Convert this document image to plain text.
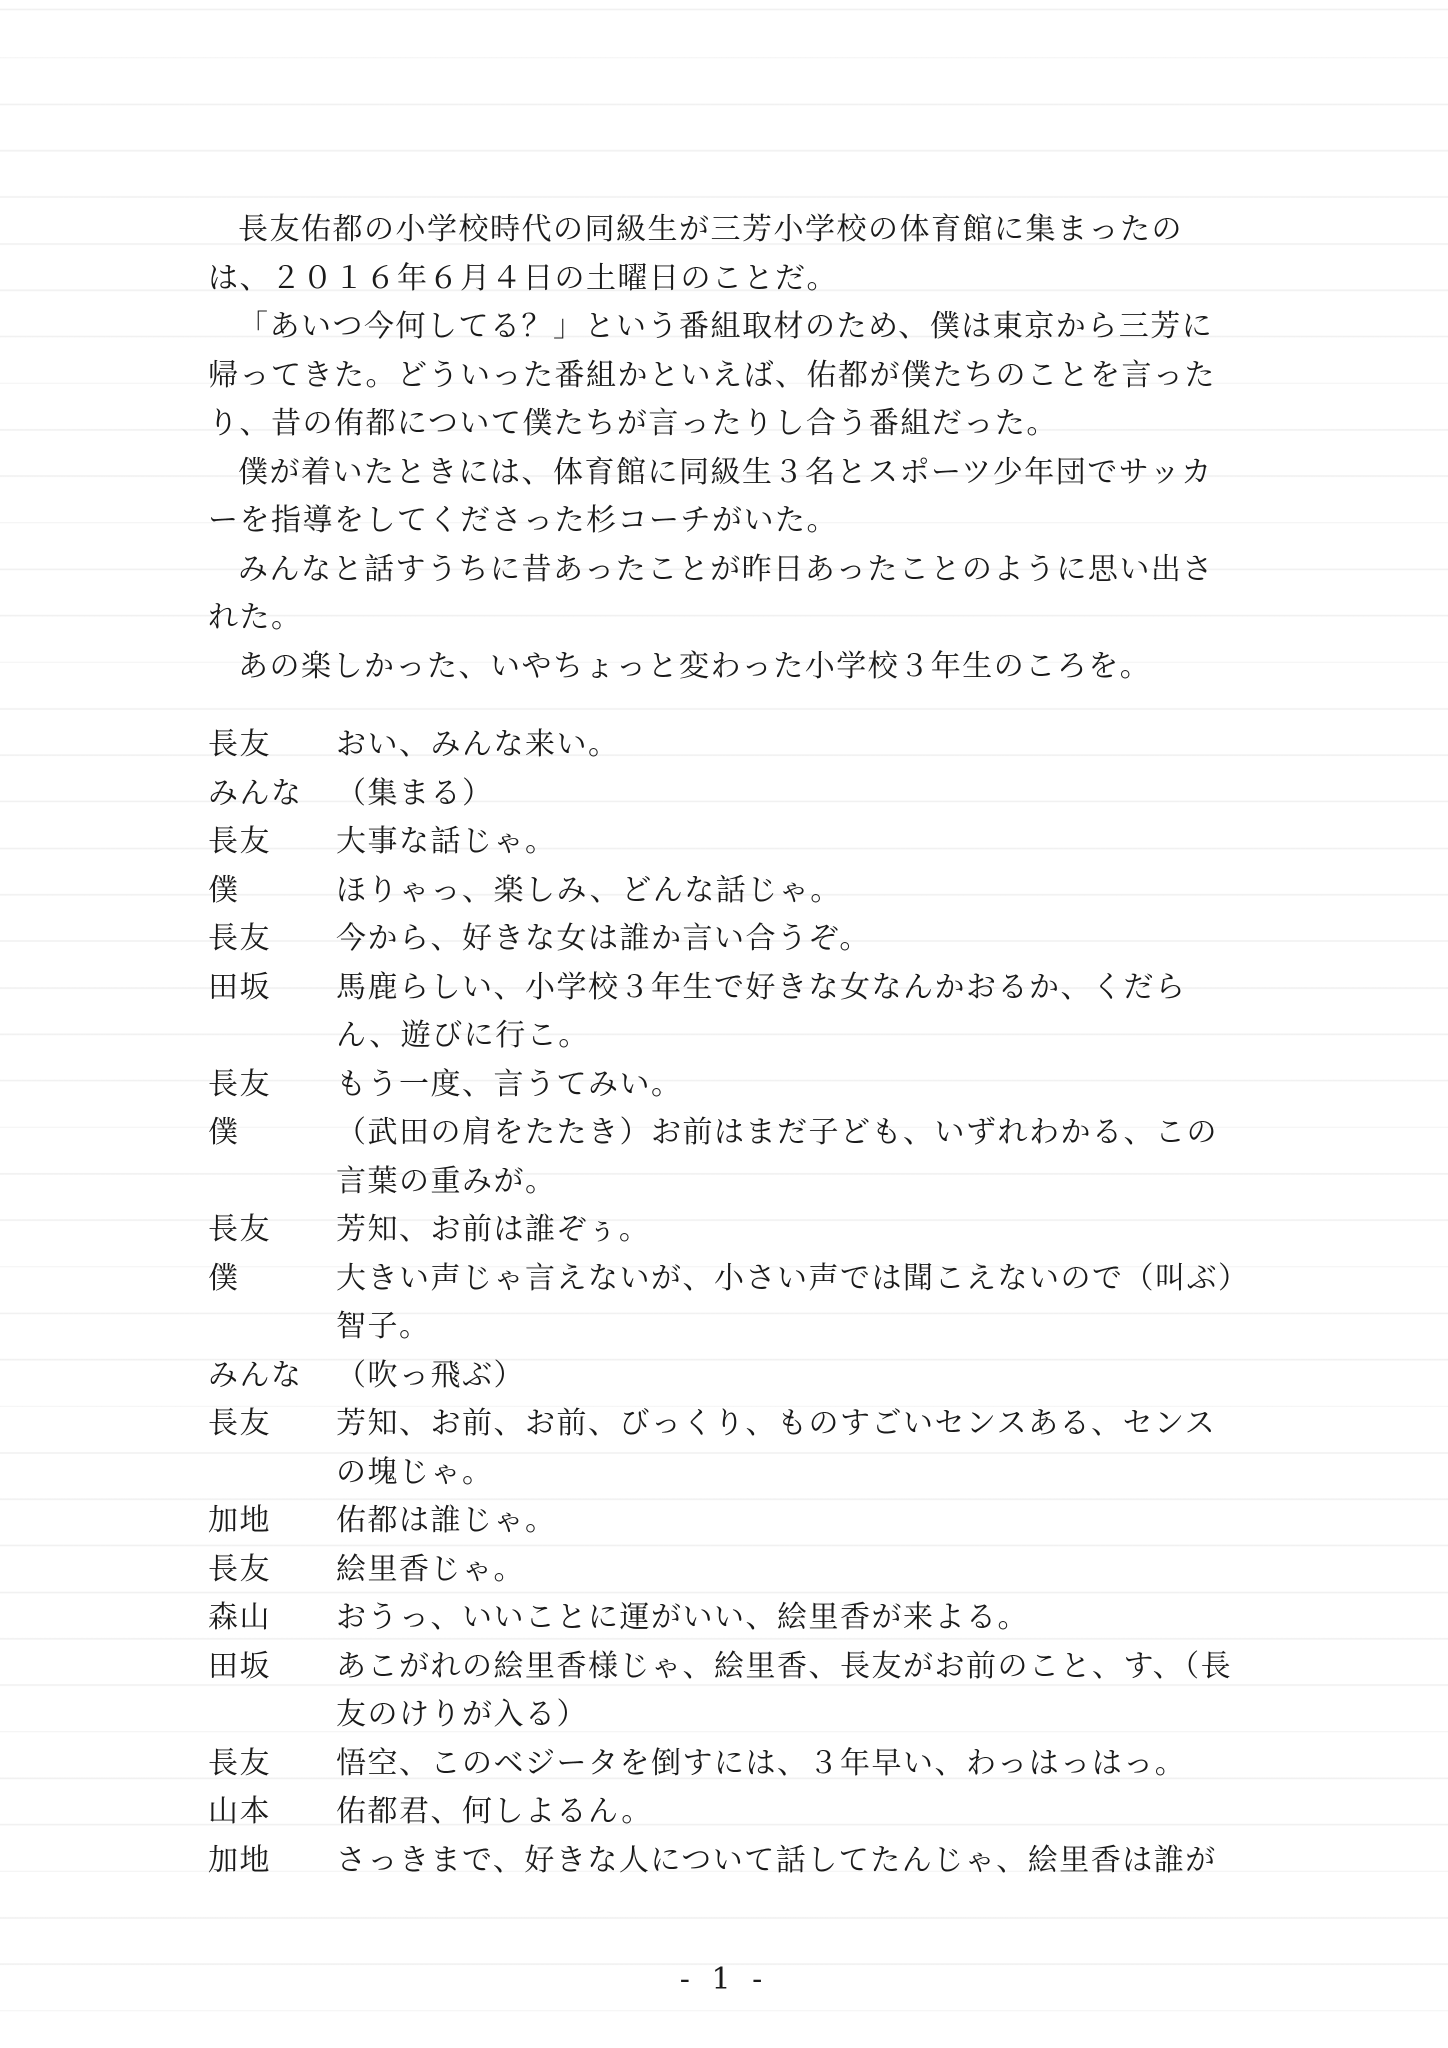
長友佑都の小学校時代の同級生が三芳小学校の体育館に集まったのは、２０１６年６月４日の土曜日のことだ。

「あいつ今何してる？」という番組取材のため、僕は東京から三芳に帰ってきた。どういった番組かといえば、佑都が僕たちのことを言ったり、昔の侑都について僕たちが言ったりし合う番組だった。

僕が着いたときには、体育館に同級生３名とスポーツ少年団でサッカーを指導をしてくださった杉コーチがいた。

みんなと話すうちに昔あったことが昨日あったことのように思い出された。

あの楽しかった、いやちょっと変わった小学校３年生のころを。

長友	おい、みんな来い。
みんな	（集まる）
長友	大事な話じゃ。
僕	ほりゃっ、楽しみ、どんな話じゃ。
長友	今から、好きな女は誰か言い合うぞ。
田坂	馬鹿らしい、小学校３年生で好きな女なんかおるか、くだらん、遊びに行こ。
長友	もう一度、言うてみい。
僕	（武田の肩をたたき）お前はまだ子ども、いずれわかる、この言葉の重みが。
長友	芳知、お前は誰ぞぅ。
僕	大きい声じゃ言えないが、小さい声では聞こえないので（叫ぶ）智子。
みんな	（吹っ飛ぶ）
長友	芳知、お前、お前、びっくり、ものすごいセンスある、センスの塊じゃ。
加地	佑都は誰じゃ。
長友	絵里香じゃ。
森山	おうっ、いいことに運がいい、絵里香が来よる。
田坂	あこがれの絵里香様じゃ、絵里香、長友がお前のこと、す、（長友のけりが入る）
長友	悟空、このベジータを倒すには、３年早い、わっはっはっ。
山本	佑都君、何しよるん。
加地	さっきまで、好きな人について話してたんじゃ、絵里香は誰が
- 1 -
